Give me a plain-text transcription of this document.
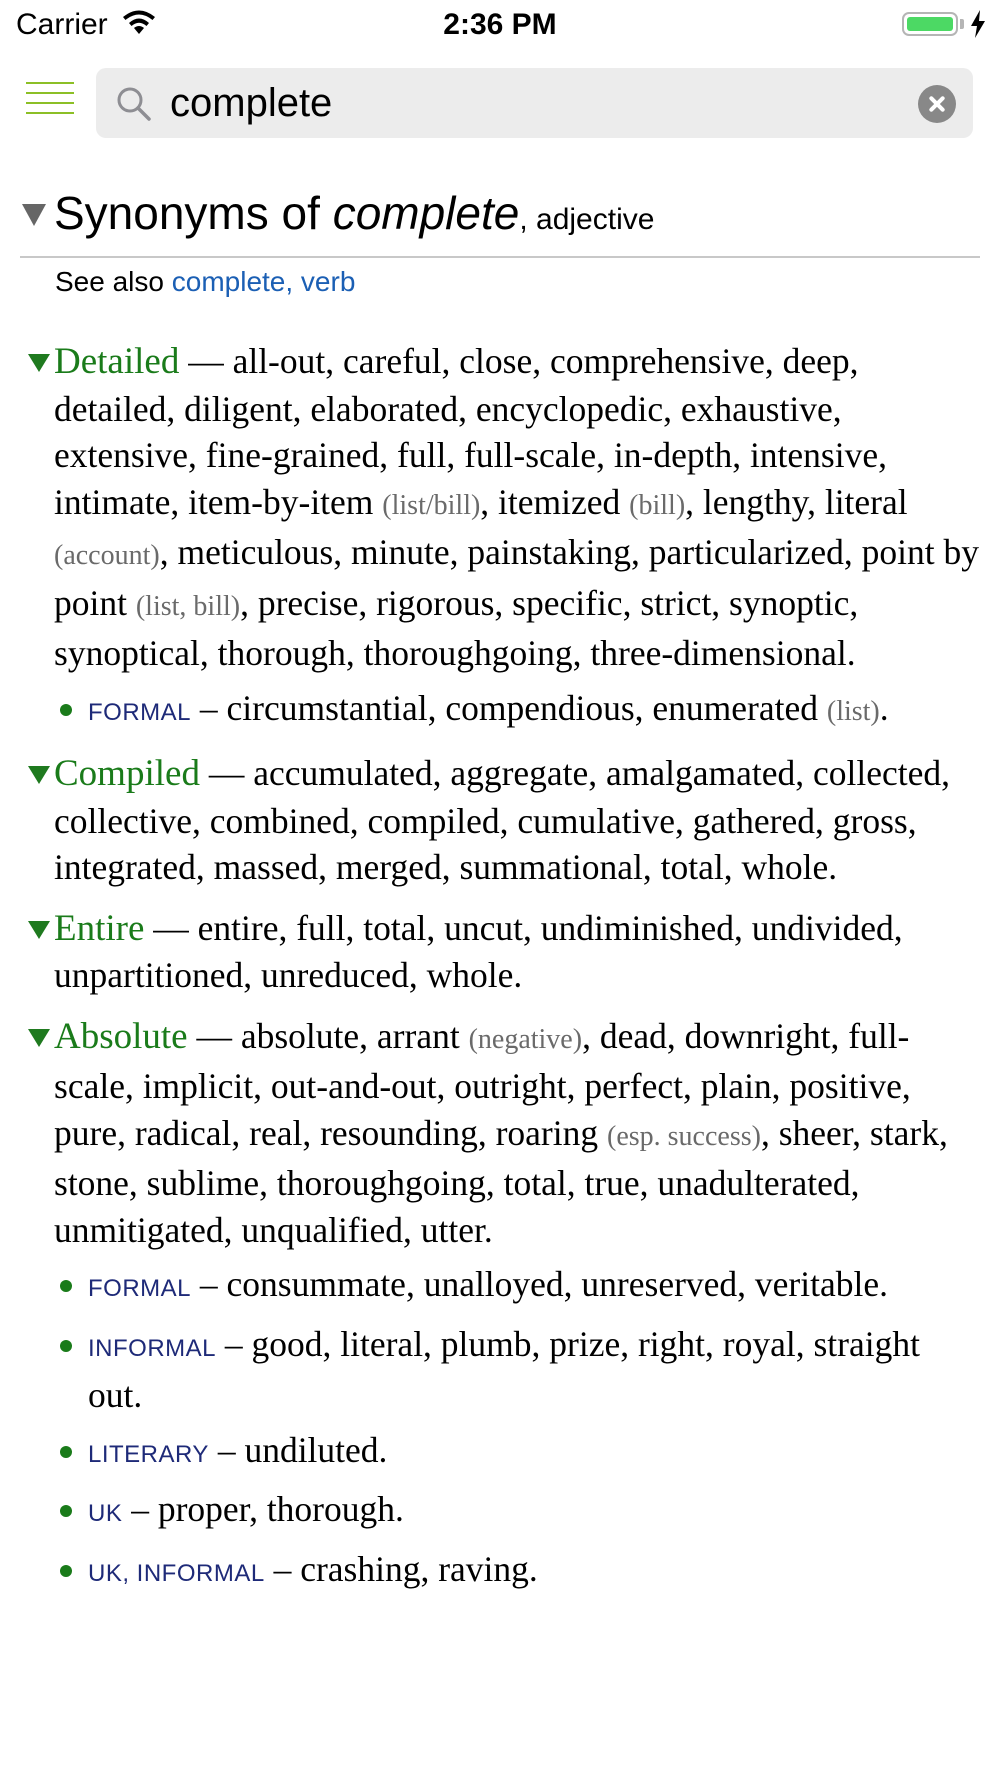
Carrier	2:36 PM
complete
Synonyms of complete, adjective
See also complete, verb
Detailed — all-out, careful, close, comprehensive, deep, detailed, diligent, elaborated, encyclopedic, exhaustive, extensive, fine-grained, full, full-scale, in-depth, intensive, intimate, item-by-item (list/bill), itemized (bill), lengthy, literal (account), meticulous, minute, painstaking, particularized, point by point (list, bill), precise, rigorous, specific, strict, synoptic, synoptical, thorough, thoroughgoing, three-dimensional.
FORMAL – circumstantial, compendious, enumerated (list).
Compiled — accumulated, aggregate, amalgamated, collected, collective, combined, compiled, cumulative, gathered, gross, integrated, massed, merged, summational, total, whole.
Entire — entire, full, total, uncut, undiminished, undivided, unpartitioned, unreduced, whole.
Absolute — absolute, arrant (negative), dead, downright, full-scale, implicit, out-and-out, outright, perfect, plain, positive, pure, radical, real, resounding, roaring (esp. success), sheer, stark, stone, sublime, thoroughgoing, total, true, unadulterated, unmitigated, unqualified, utter.
FORMAL – consummate, unalloyed, unreserved, veritable.
INFORMAL – good, literal, plumb, prize, right, royal, straight out.
LITERARY – undiluted.
UK – proper, thorough.
UK, INFORMAL – crashing, raving.
